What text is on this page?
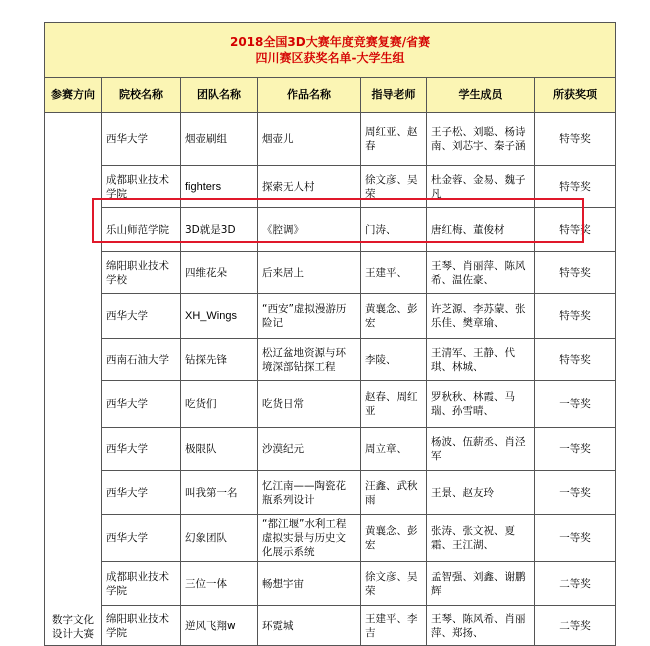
2018全国3D大赛年度竞赛复赛/省赛
四川赛区获奖名单-大学生组						

参赛方向	院校名称	团队名称	作品名称	指导老师	学生成员	所获奖项
数字文化设计大赛	西华大学	烟壶刷组	烟壶儿	周红亚、赵春	王子松、刘聪、杨诗南、刘芯宇、秦子涵	特等奖
	成都职业技术学院	fighters	探索无人村	徐文彦、吴荣	杜金蓉、金易、魏子凡	特等奖
	乐山师范学院	3D就是3D	《腔调》	门涛、	唐红梅、董俊材	特等奖
	绵阳职业技术学校	四维花朵	后来居上	王建平、	王琴、肖丽萍、陈风希、温佐豪、	特等奖
	西华大学	XH_Wings	“西安”虚拟漫游历险记	黄襄念、彭宏	许芝源、李苏蒙、张乐佳、樊章瑜、	特等奖
	西南石油大学	钻探先锋	松辽盆地资源与环境深部钻探工程	李陵、	王清军、王静、代琪、林城、	特等奖
	西华大学	吃货们	吃货日常	赵春、周红亚	罗秋秋、林霞、马瑞、孙雪晴、	一等奖
	西华大学	极限队	沙漠纪元	周立章、	杨波、伍薪丞、肖泾军	一等奖
	西华大学	叫我第一名	忆江南——陶瓷花瓶系列设计	汪鑫、武秋雨	王景、赵友玲	一等奖
	西华大学	幻象团队	“都江堰”水利工程虚拟实景与历史文化展示系统	黄襄念、彭宏	张涛、张文祝、夏霜、王江湖、	一等奖
	成都职业技术学院	三位一体	畅想宇宙	徐文彦、吴荣	孟智强、刘鑫、谢鹏辉	二等奖
	绵阳职业技术学院	逆风飞翔w	环霓城	王建平、李吉	王琴、陈风希、肖丽萍、郑扬、	二等奖
